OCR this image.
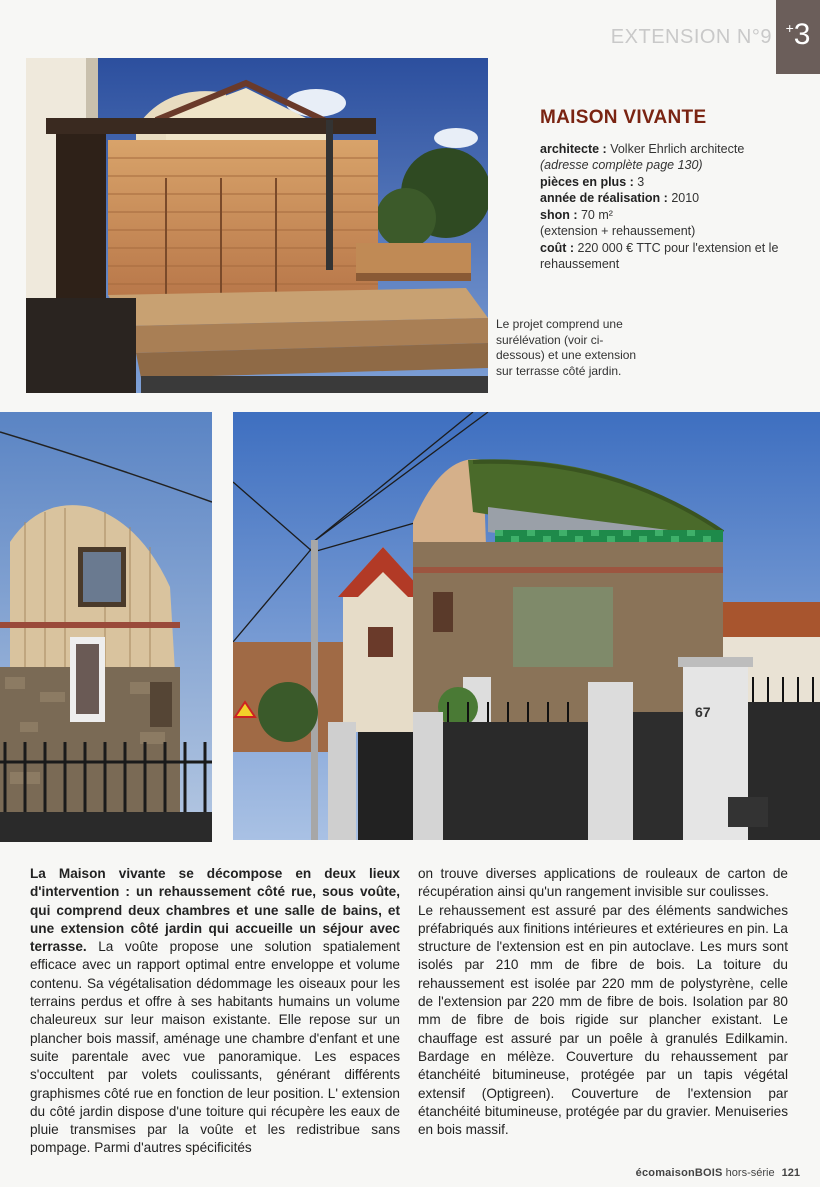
EXTENSION N°9 + 3
MAISON VIVANTE
architecte : Volker Ehrlich architecte
(adresse complète page 130)
pièces en plus : 3
année de réalisation : 2010
shon : 70 m²
(extension + rehaussement)
coût : 220 000 € TTC pour l'extension et le rehaussement
Le projet comprend une surélévation (voir ci-dessous) et une extension sur terrasse côté jardin.
67
La Maison vivante se décompose en deux lieux d'intervention : un rehaussement côté rue, sous voûte, qui comprend deux chambres et une salle de bains, et une extension côté jardin qui accueille un séjour avec terrasse. La voûte propose une solution spatialement efficace avec un rapport optimal entre enveloppe et volume contenu. Sa végétalisation dédommage les oiseaux pour les terrains perdus et offre à ses habitants humains un volume chaleureux sur leur maison existante. Elle repose sur un plancher bois massif, aménage une chambre d'enfant et une suite parentale avec vue panoramique. Les espaces s'occultent par volets coulissants, générant différents graphismes côté rue en fonction de leur position. L' extension du côté jardin dispose d'une toiture qui récupère les eaux de pluie transmises par la voûte et les redistribue sans pompage. Parmi d'autres spécificités

on trouve diverses applications de rouleaux de carton de récupération ainsi qu'un rangement invisible sur coulisses.

Le rehaussement est assuré par des éléments sandwiches préfabriqués aux finitions intérieures et extérieures en pin. La structure de l'extension est en pin autoclave. Les murs sont isolés par 210 mm de fibre de bois. La toiture du rehaussement est isolée par 220 mm de polystyrène, celle de l'extension par 220 mm de fibre de bois. Isolation par 80 mm de fibre de bois rigide sur plancher existant. Le chauffage est assuré par un poêle à granulés Edilkamin. Bardage en mélèze. Couverture du rehaussement par étanchéité bitumineuse, protégée par un tapis végétal extensif (Optigreen). Couverture de l'extension par étanchéité bitumineuse, protégée par du gravier. Menuiseries en bois massif.

écomaisonBOIS hors-série 121
